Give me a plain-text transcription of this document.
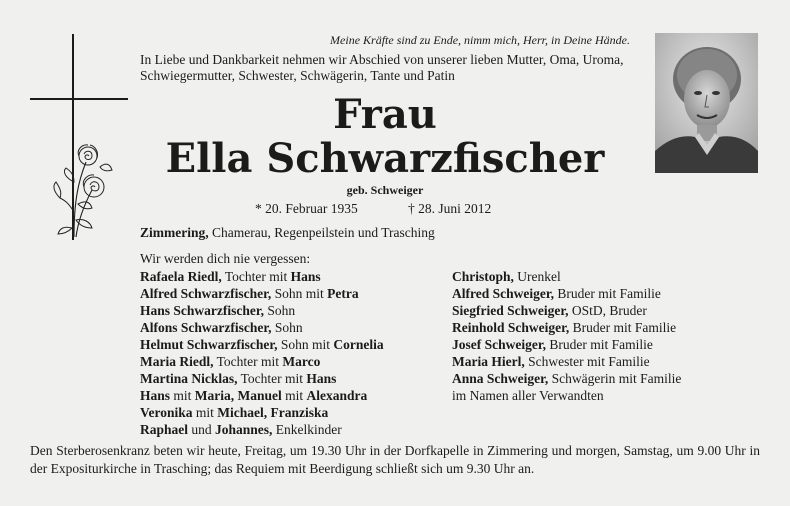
Meine Kräfte sind zu Ende, nimm mich, Herr, in Deine Hände.
In Liebe und Dankbarkeit nehmen wir Abschied von unserer lieben Mutter, Oma, Uroma, Schwiegermutter, Schwester, Schwägerin, Tante und Patin
Frau
Ella Schwarzfischer
geb. Schweiger
* 20. Februar 1935	† 28. Juni 2012
Zimmering, Chamerau, Regenpeilstein und Trasching
Wir werden dich nie vergessen:
Rafaela Riedl, Tochter mit Hans
Alfred Schwarzfischer, Sohn mit Petra
Hans Schwarzfischer, Sohn
Alfons Schwarzfischer, Sohn
Helmut Schwarzfischer, Sohn mit Cornelia
Maria Riedl, Tochter mit Marco
Martina Nicklas, Tochter mit Hans
Hans mit Maria, Manuel mit Alexandra
Veronika mit Michael, Franziska
Raphael und Johannes, Enkelkinder
Christoph, Urenkel
Alfred Schweiger, Bruder mit Familie
Siegfried Schweiger, OStD, Bruder
Reinhold Schweiger, Bruder mit Familie
Josef Schweiger, Bruder mit Familie
Maria Hierl, Schwester mit Familie
Anna Schweiger, Schwägerin mit Familie
im Namen aller Verwandten
Den Sterberosenkranz beten wir heute, Freitag, um 19.30 Uhr in der Dorfkapelle in Zimmering und morgen, Samstag, um 9.00 Uhr in der Expositurkirche in Trasching; das Requiem mit Beerdigung schließt sich um 9.30 Uhr an.
